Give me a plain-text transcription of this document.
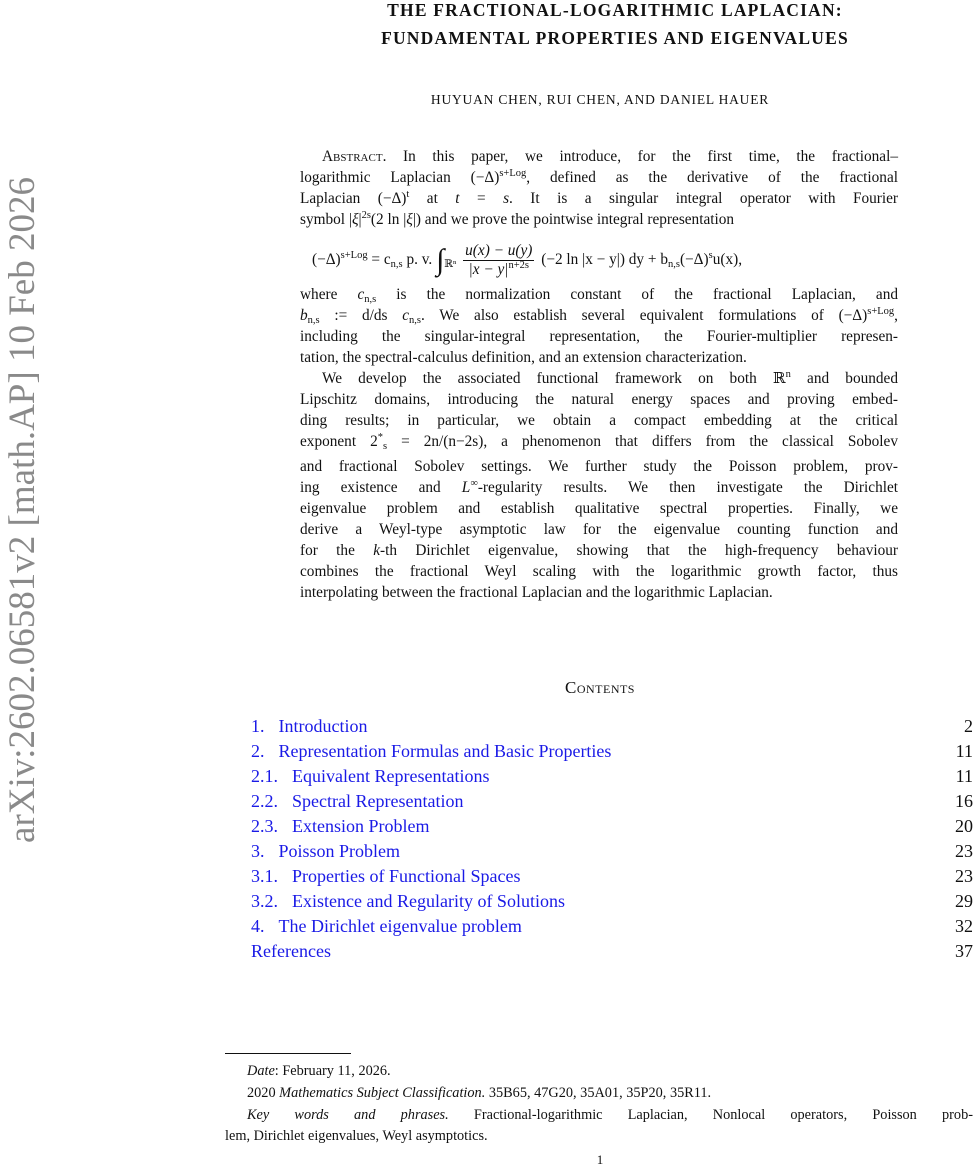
arXiv:2602.06581v2 [math.AP] 10 Feb 2026
THE FRACTIONAL-LOGARITHMIC LAPLACIAN:
FUNDAMENTAL PROPERTIES AND EIGENVALUES
HUYUAN CHEN, RUI CHEN, AND DANIEL HAUER
Abstract. In this paper, we introduce, for the first time, the fractional–
logarithmic Laplacian $(-\Delta)^{s+Log}$, defined as the derivative of the fractional
Laplacian $(-\Delta)^t$ at t = s. It is a singular integral operator with Fourier
symbol $|\xi|^{2s}(2$ ln |ξ|) and we prove the pointwise integral representation
where $c_{n,s}$ is the normalization constant of the fractional Laplacian, and
$b_{n,s}$ := d/ds $c_{n,s}$. We also establish several equivalent formulations of $(-\Delta)^{s+Log}$,
including the singular-integral representation, the Fourier-multiplier represen-
tation, the spectral-calculus definition, and an extension characterization.
We develop the associated functional framework on both ℝ$^n$ and bounded
Lipschitz domains, introducing the natural energy spaces and proving embed-
ding results; in particular, we obtain a compact embedding at the critical
exponent $2^*_s = 2n/(n-2s)$, a phenomenon that differs from the classical Sobolev
and fractional Sobolev settings. We further study the Poisson problem, prov-
ing existence and L∞-regularity results. We then investigate the Dirichlet
eigenvalue problem and establish qualitative spectral properties. Finally, we
derive a Weyl-type asymptotic law for the eigenvalue counting function and
for the k-th Dirichlet eigenvalue, showing that the high-frequency behaviour
combines the fractional Weyl scaling with the logarithmic growth factor, thus
interpolating between the fractional Laplacian and the logarithmic Laplacian.
$(-\Delta)^{s+Log} = c_{n,s}$ p. v. $\int_{ℝ^n} \frac{u(x) - u(y)}{|x - y|^{n+2s}} (-2$ ln |x − y|) dy + $b_{n,s}(-\Delta)^su(x)$,
Contents
1. Introduction	2
2. Representation Formulas and Basic Properties	11
2.1. Equivalent Representations	11
2.2. Spectral Representation	16
2.3. Extension Problem	20
3. Poisson Problem	23
3.1. Properties of Functional Spaces	23
3.2. Existence and Regularity of Solutions	29
4. The Dirichlet eigenvalue problem	32
References	37
Date: February 11, 2026.
2020 Mathematics Subject Classification. 35B65, 47G20, 35A01, 35P20, 35R11.
Key words and phrases. Fractional-logarithmic Laplacian, Nonlocal operators, Poisson prob-
lem, Dirichlet eigenvalues, Weyl asymptotics.
1
